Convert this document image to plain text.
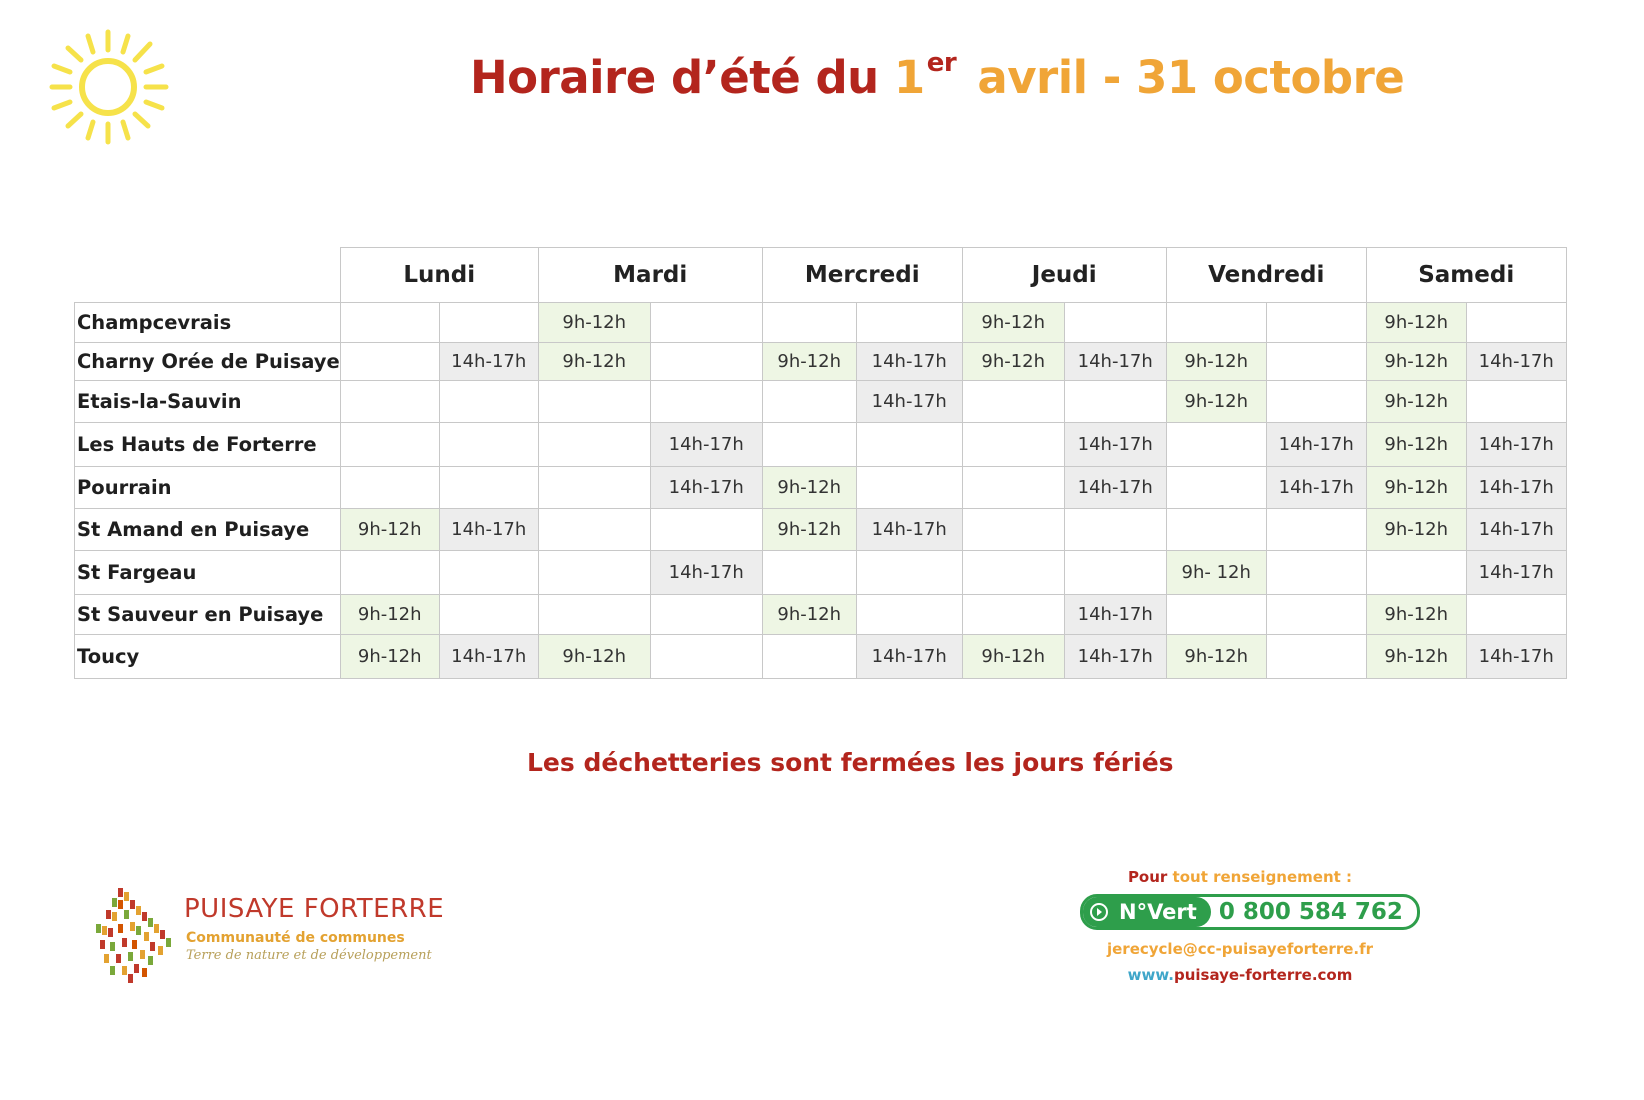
Horaire d’été du 1er avril - 31 octobre
	Lundi		Mardi		Mercredi		Jeudi		Vendredi		Samedi	
Champcevrais			9h-12h				9h-12h				9h-12h	
Charny Orée de Puisaye		14h-17h	9h-12h		9h-12h	14h-17h	9h-12h	14h-17h	9h-12h		9h-12h	14h-17h
Etais-la-Sauvin						14h-17h			9h-12h		9h-12h	
Les Hauts de Forterre				14h-17h				14h-17h		14h-17h	9h-12h	14h-17h
Pourrain				14h-17h	9h-12h			14h-17h		14h-17h	9h-12h	14h-17h
St Amand en Puisaye	9h-12h	14h-17h			9h-12h	14h-17h					9h-12h	14h-17h
St Fargeau				14h-17h					9h- 12h			14h-17h
St Sauveur en Puisaye	9h-12h				9h-12h			14h-17h			9h-12h	
Toucy	9h-12h	14h-17h	9h-12h			14h-17h	9h-12h	14h-17h	9h-12h		9h-12h	14h-17h
Les déchetteries sont fermées les jours fériés
PUISAYE FORTERRE
Communauté de communes
Terre de nature et de développement
Pour tout renseignement :
N°Vert 0 800 584 762
jerecycle@cc-puisayeforterre.fr
www.puisaye-forterre.com
